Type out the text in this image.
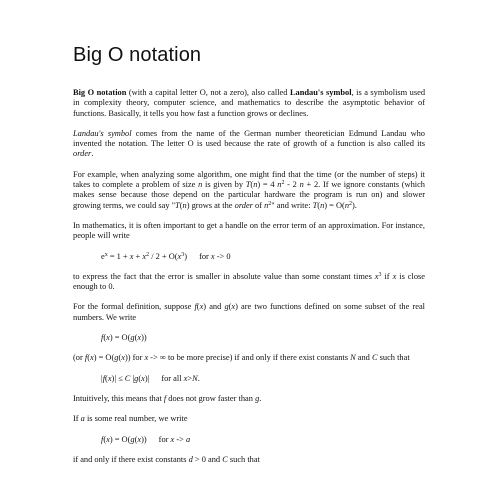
Big O notation

Big O notation (with a capital letter O, not a zero), also called Landau's symbol, is a symbolism used in complexity theory, computer science, and mathematics to describe the asymptotic behavior of functions. Basically, it tells you how fast a function grows or declines.

Landau's symbol comes from the name of the German number theoretician Edmund Landau who invented the notation. The letter O is used because the rate of growth of a function is also called its order.

For example, when analyzing some algorithm, one might find that the time (or the number of steps) it takes to complete a problem of size n is given by T(n) = 4 $n^2 - 2$ n + 2. If we ignore constants (which makes sense because those depend on the particular hardware the program is run on) and slower growing terms, we could say "T(n) grows at the order of $n^2$" and write: $T(n) = O(n^2)$.

In mathematics, it is often important to get a handle on the error term of an approximation. For instance, people will write

$e^x = 1 + x + x^2 / 2 + O(x^3)$ for x -> 0

to express the fact that the error is smaller in absolute value than some constant times $x^3$ if x is close enough to 0.

For the formal definition, suppose f(x) and g(x) are two functions defined on some subset of the real numbers. We write

f(x) = O(g(x))

(or f(x) = O(g(x)) for x -> ∞ to be more precise) if and only if there exist constants N and C such that

|f(x)| ≤ C |g(x)| for all x>N.

Intuitively, this means that f does not grow faster than g.

If a is some real number, we write

f(x) = O(g(x)) for x -> a

if and only if there exist constants d > 0 and C such that
